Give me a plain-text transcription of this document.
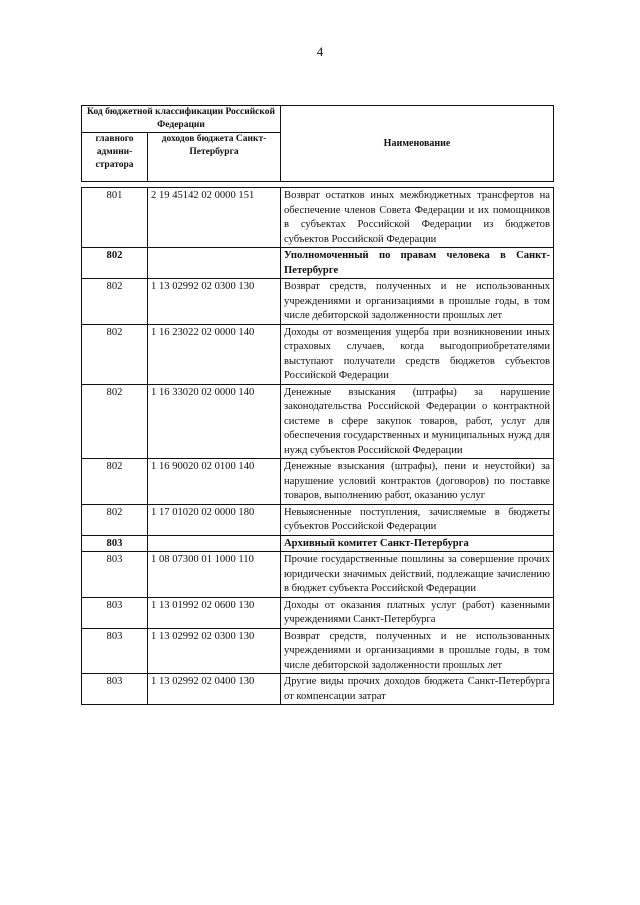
4
Код бюджетной классификации Российской Федерации		Наименование
главного админи-стратора	доходов бюджета Санкт-Петербурга	
801	2 19 45142 02 0000 151	Возврат остатков иных межбюджетных трансфертов на обеспечение членов Совета Федерации и их помощников в субъектах Российской Федерации из бюджетов субъектов Российской Федерации
802		Уполномоченный по правам человека в Санкт-Петербурге
802	1 13 02992 02 0300 130	Возврат средств, полученных и не использованных учреждениями и организациями в прошлые годы, в том числе дебиторской задолженности прошлых лет
802	1 16 23022 02 0000 140	Доходы от возмещения ущерба при возникновении иных страховых случаев, когда выгодоприобретателями выступают получатели средств бюджетов субъектов Российской Федерации
802	1 16 33020 02 0000 140	Денежные взыскания (штрафы) за нарушение законодательства Российской Федерации о контрактной системе в сфере закупок товаров, работ, услуг для обеспечения государственных и муниципальных нужд для нужд субъектов Российской Федерации
802	1 16 90020 02 0100 140	Денежные взыскания (штрафы), пени и неустойки) за нарушение условий контрактов (договоров) по поставке товаров, выполнению работ, оказанию услуг
802	1 17 01020 02 0000 180	Невыясненные поступления, зачисляемые в бюджеты субъектов Российской Федерации
803		Архивный комитет Санкт-Петербурга
803	1 08 07300 01 1000 110	Прочие государственные пошлины за совершение прочих юридически значимых действий, подлежащие зачислению в бюджет субъекта Российской Федерации
803	1 13 01992 02 0600 130	Доходы от оказания платных услуг (работ) казенными учреждениями Санкт-Петербурга
803	1 13 02992 02 0300 130	Возврат средств, полученных и не использованных учреждениями и организациями в прошлые годы, в том числе дебиторской задолженности прошлых лет
803	1 13 02992 02 0400 130	Другие виды прочих доходов бюджета Санкт-Петербурга от компенсации затрат
